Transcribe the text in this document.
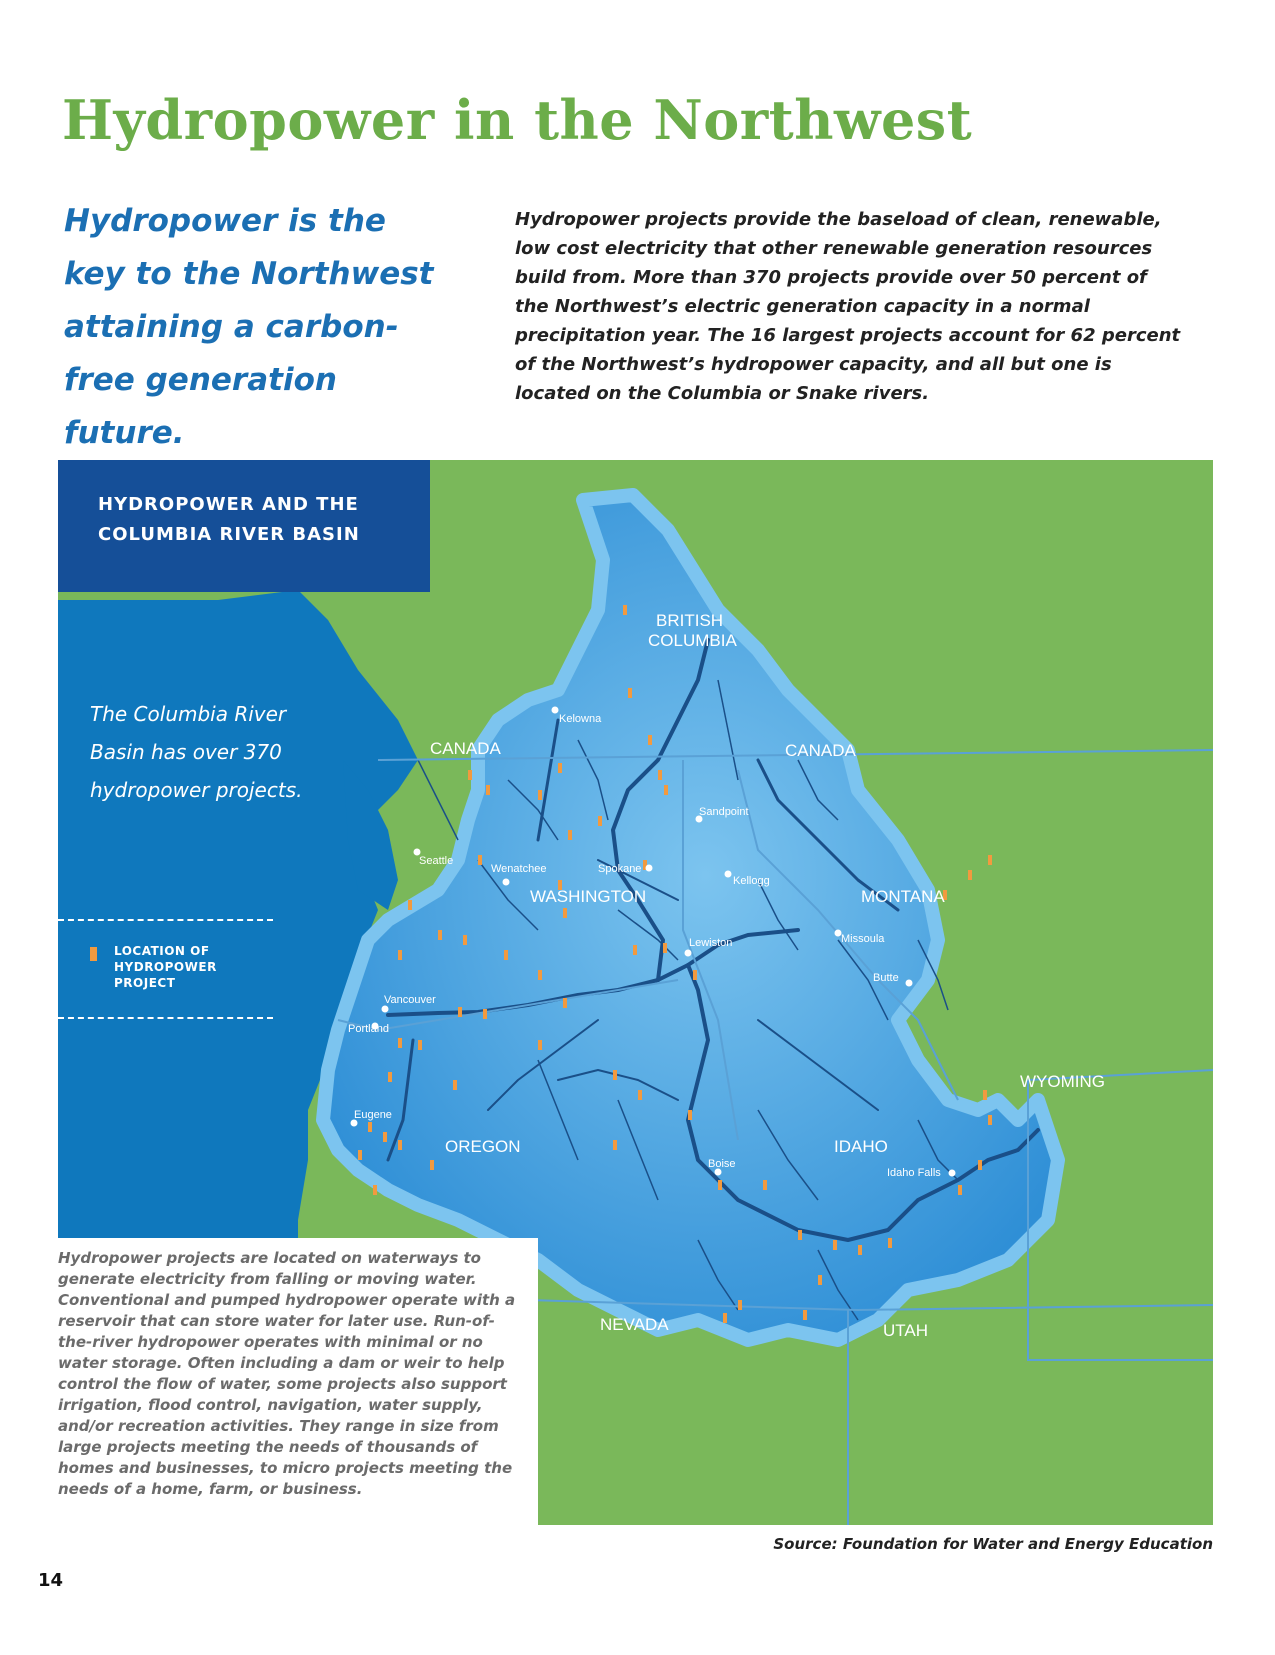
Hydropower in the Northwest

Hydropower is the key to the Northwest attaining a carbon-free generation future.

Hydropower projects provide the baseload of clean, renewable, low cost electricity that other renewable generation resources build from. More than 370 projects provide over 50 percent of the Northwest’s electric generation capacity in a normal precipitation year. The 16 largest projects account for 62 percent of the Northwest’s hydropower capacity, and all but one is located on the Columbia or Snake rivers.

BRITISH
COLUMBIA
CANADA	CANADA
WASHINGTON	MONTANA
OREGON	IDAHO
WYOMING
NEVADA	UTAH
Kelowna
Sandpoint
Seattle
Wenatchee	Spokane
Kellogg
Missoula
Lewiston
Butte
Vancouver
Portland
Eugene
Boise
Idaho Falls

HYDROPOWER AND THE
COLUMBIA RIVER BASIN

The Columbia River Basin has over 370 hydropower projects.

LOCATION OF
HYDROPOWER
PROJECT

Hydropower projects are located on waterways to generate electricity from falling or moving water. Conventional and pumped hydropower operate with a reservoir that can store water for later use. Run-of-the-river hydropower operates with minimal or no water storage. Often including a dam or weir to help control the flow of water, some projects also support irrigation, flood control, navigation, water supply, and/or recreation activities. They range in size from large projects meeting the needs of thousands of homes and businesses, to micro projects meeting the needs of a home, farm, or business.

Source: Foundation for Water and Energy Education

14
